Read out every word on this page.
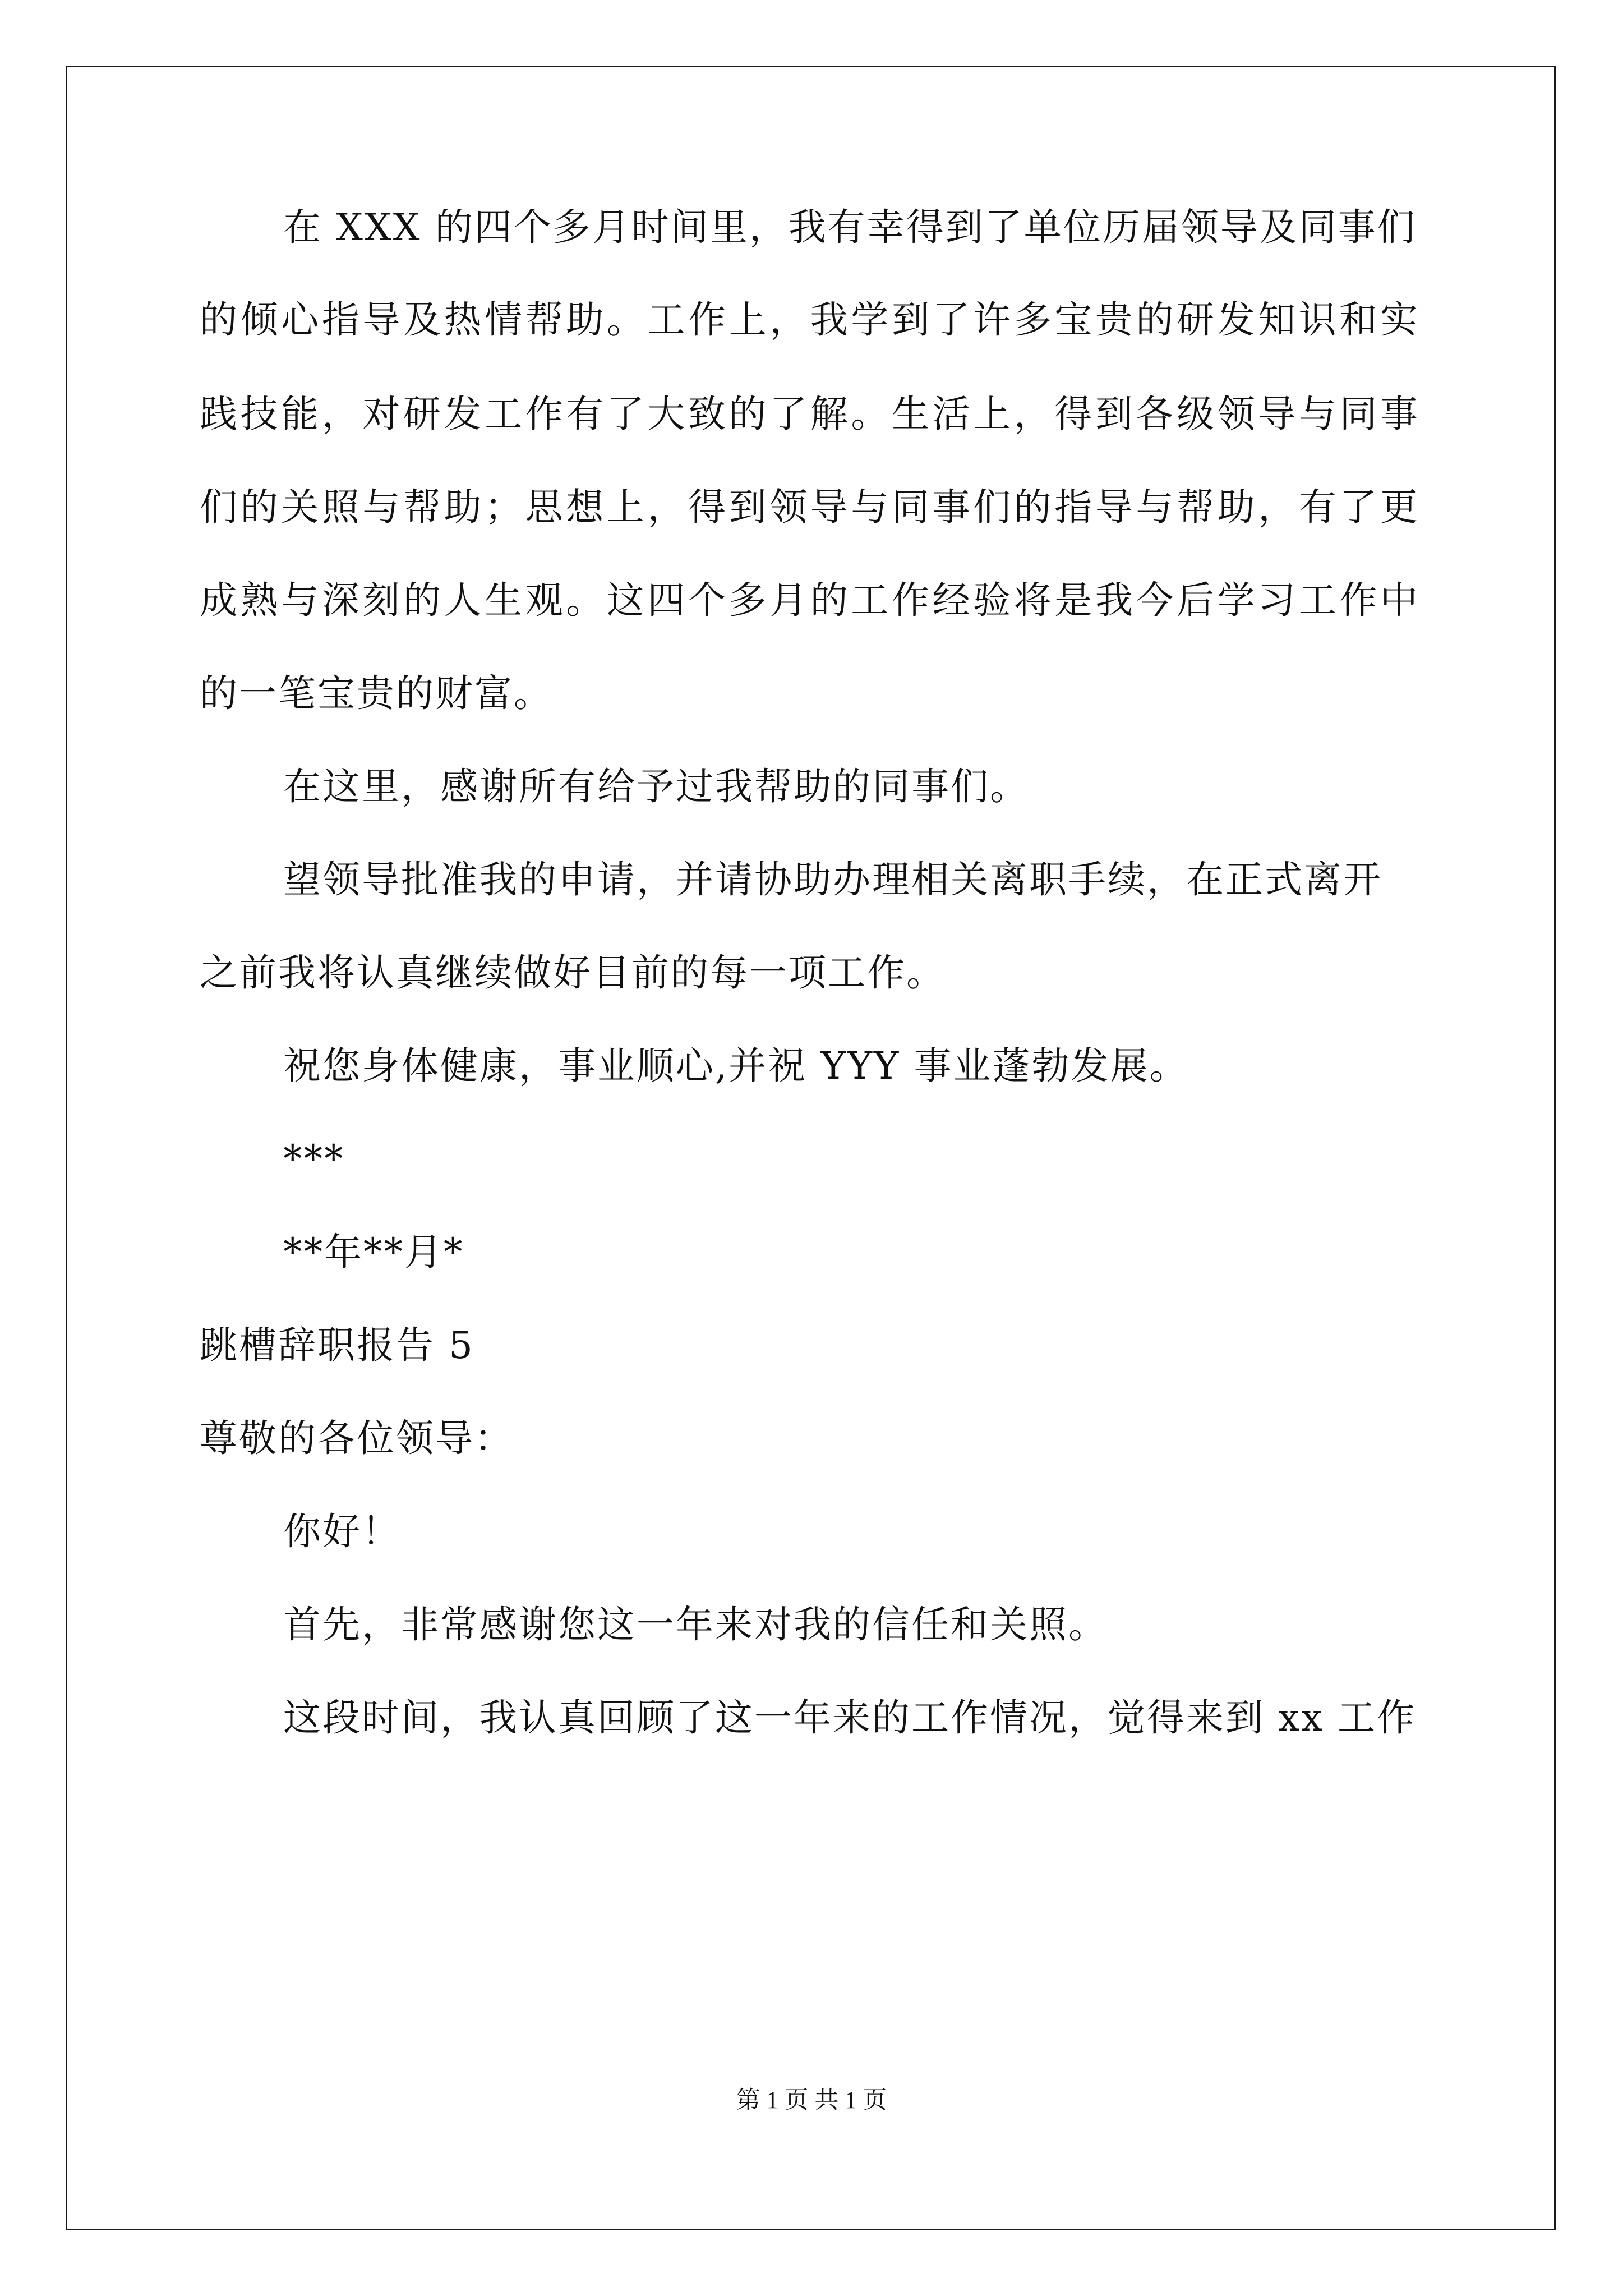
在 XXX 的四个多月时间里，我有幸得到了单位历届领导及同事们
的倾心指导及热情帮助。工作上，我学到了许多宝贵的研发知识和实
践技能，对研发工作有了大致的了解。生活上，得到各级领导与同事
们的关照与帮助；思想上，得到领导与同事们的指导与帮助，有了更
成熟与深刻的人生观。这四个多月的工作经验将是我今后学习工作中
的一笔宝贵的财富。
在这里，感谢所有给予过我帮助的同事们。
望领导批准我的申请，并请协助办理相关离职手续，在正式离开
之前我将认真继续做好目前的每一项工作。
祝您身体健康，事业顺心,并祝 YYY 事业蓬勃发展。
***
**年**月*
跳槽辞职报告 5
尊敬的各位领导：
你好！
首先，非常感谢您这一年来对我的信任和关照。
这段时间，我认真回顾了这一年来的工作情况，觉得来到 xx 工作
第 1 页 共 1 页
